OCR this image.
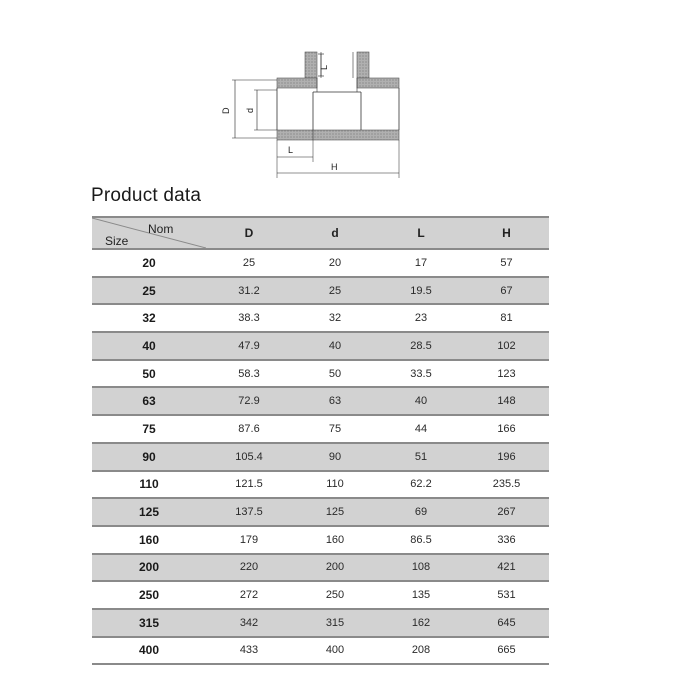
L
D d
L
H
Product data
Nom
Size	D	d	L	H
20	25	20	17	57
25	31.2	25	19.5	67
32	38.3	32	23	81
40	47.9	40	28.5	102
50	58.3	50	33.5	123
63	72.9	63	40	148
75	87.6	75	44	166
90	105.4	90	51	196
110	121.5	110	62.2	235.5
125	137.5	125	69	267
160	179	160	86.5	336
200	220	200	108	421
250	272	250	135	531
315	342	315	162	645
400	433	400	208	665
